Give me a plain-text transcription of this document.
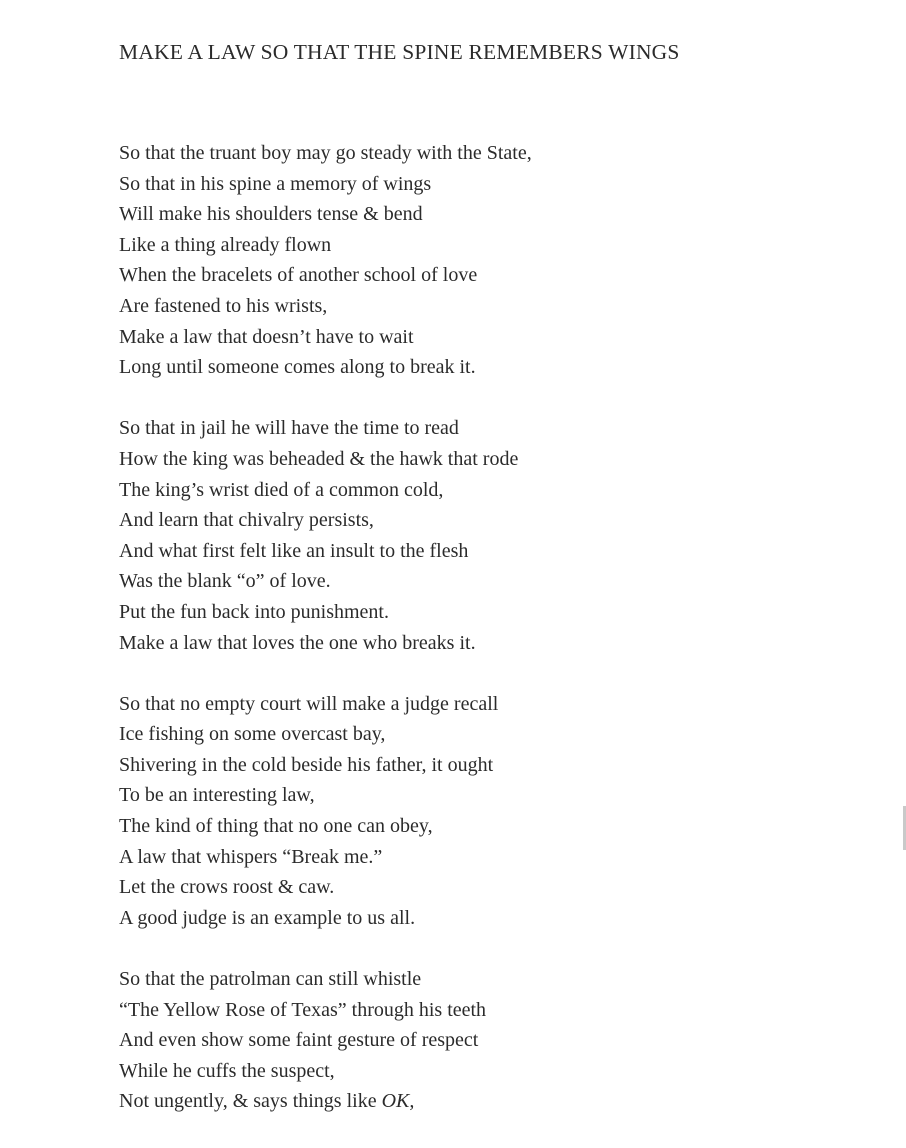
MAKE A LAW SO THAT THE SPINE REMEMBERS WINGS
So that the truant boy may go steady with the State,
So that in his spine a memory of wings
Will make his shoulders tense & bend
Like a thing already flown
When the bracelets of another school of love
Are fastened to his wrists,
Make a law that doesn’t have to wait
Long until someone comes along to break it.
So that in jail he will have the time to read
How the king was beheaded & the hawk that rode
The king’s wrist died of a common cold,
And learn that chivalry persists,
And what first felt like an insult to the flesh
Was the blank “o” of love.
Put the fun back into punishment.
Make a law that loves the one who breaks it.
So that no empty court will make a judge recall
Ice fishing on some overcast bay,
Shivering in the cold beside his father, it ought
To be an interesting law,
The kind of thing that no one can obey,
A law that whispers “Break me.”
Let the crows roost & caw.
A good judge is an example to us all.
So that the patrolman can still whistle
“The Yellow Rose of Texas” through his teeth
And even show some faint gesture of respect
While he cuffs the suspect,
Not ungently, & says things like OK,
